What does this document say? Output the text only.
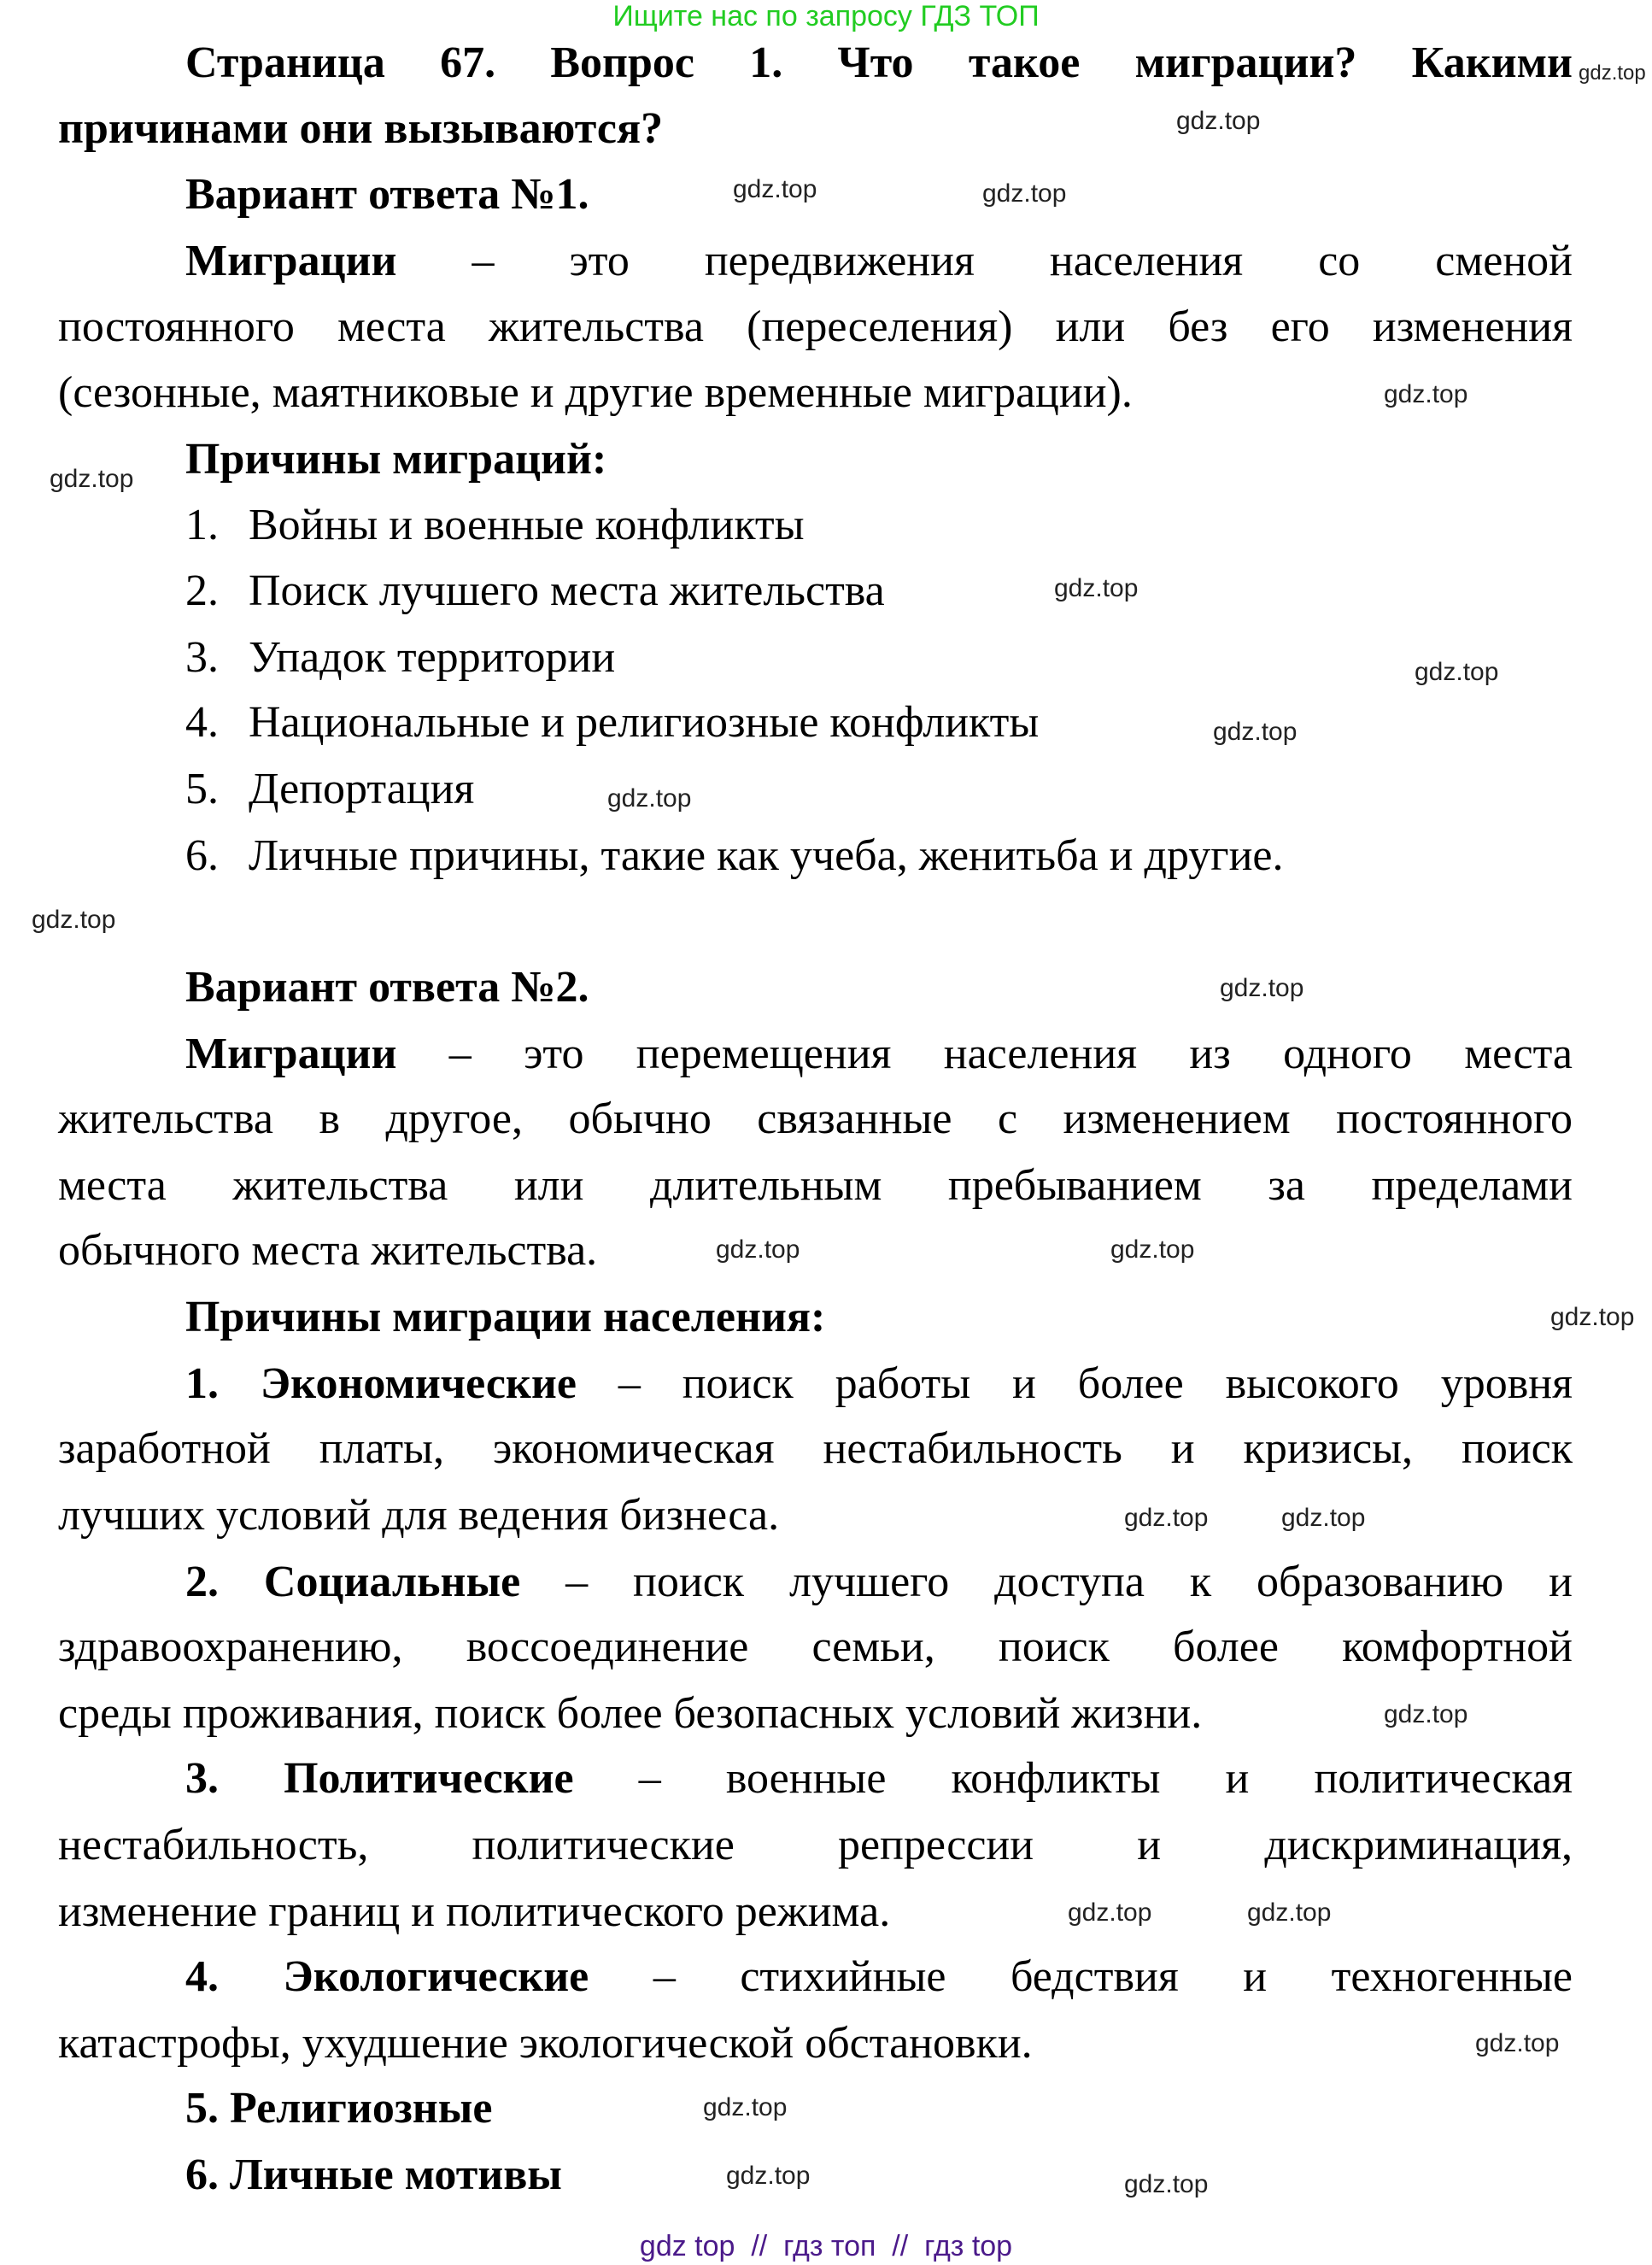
Ищите нас по запросу ГДЗ ТОП
Страница 67. Вопрос 1. Что такое миграции? Какими
причинами они вызываются?
Вариант ответа №1.
Миграции – это передвижения населения со сменой
постоянного места жительства (переселения) или без его изменения
(сезонные, маятниковые и другие временные миграции).
Причины миграций:
1. Войны и военные конфликты
2. Поиск лучшего места жительства
3. Упадок территории
4. Национальные и религиозные конфликты
5. Депортация
6. Личные причины, такие как учеба, женитьба и другие.
Вариант ответа №2.
Миграции – это перемещения населения из одного места
жительства в другое, обычно связанные с изменением постоянного
места жительства или длительным пребыванием за пределами
обычного места жительства.
Причины миграции населения:
1. Экономические – поиск работы и более высокого уровня
заработной платы, экономическая нестабильность и кризисы, поиск
лучших условий для ведения бизнеса.
2. Социальные – поиск лучшего доступа к образованию и
здравоохранению, воссоединение семьи, поиск более комфортной
среды проживания, поиск более безопасных условий жизни.
3. Политические – военные конфликты и политическая
нестабильность, политические репрессии и дискриминация,
изменение границ и политического режима.
4. Экологические – стихийные бедствия и техногенные
катастрофы, ухудшение экологической обстановки.
5. Религиозные
6. Личные мотивы
gdz.top
gdz.top
gdz.top	gdz.top
gdz.top
gdz.top
gdz.top
gdz.top
gdz.top
gdz.top
gdz.top
gdz.top
gdz.top
gdz.top
gdz.top
gdz.top
gdz.top
gdz.top
gdz.top	gdz.top
gdz.top
gdz.top
gdz.top	gdz.top
gdz top  //  гдз топ  //  гдз top
